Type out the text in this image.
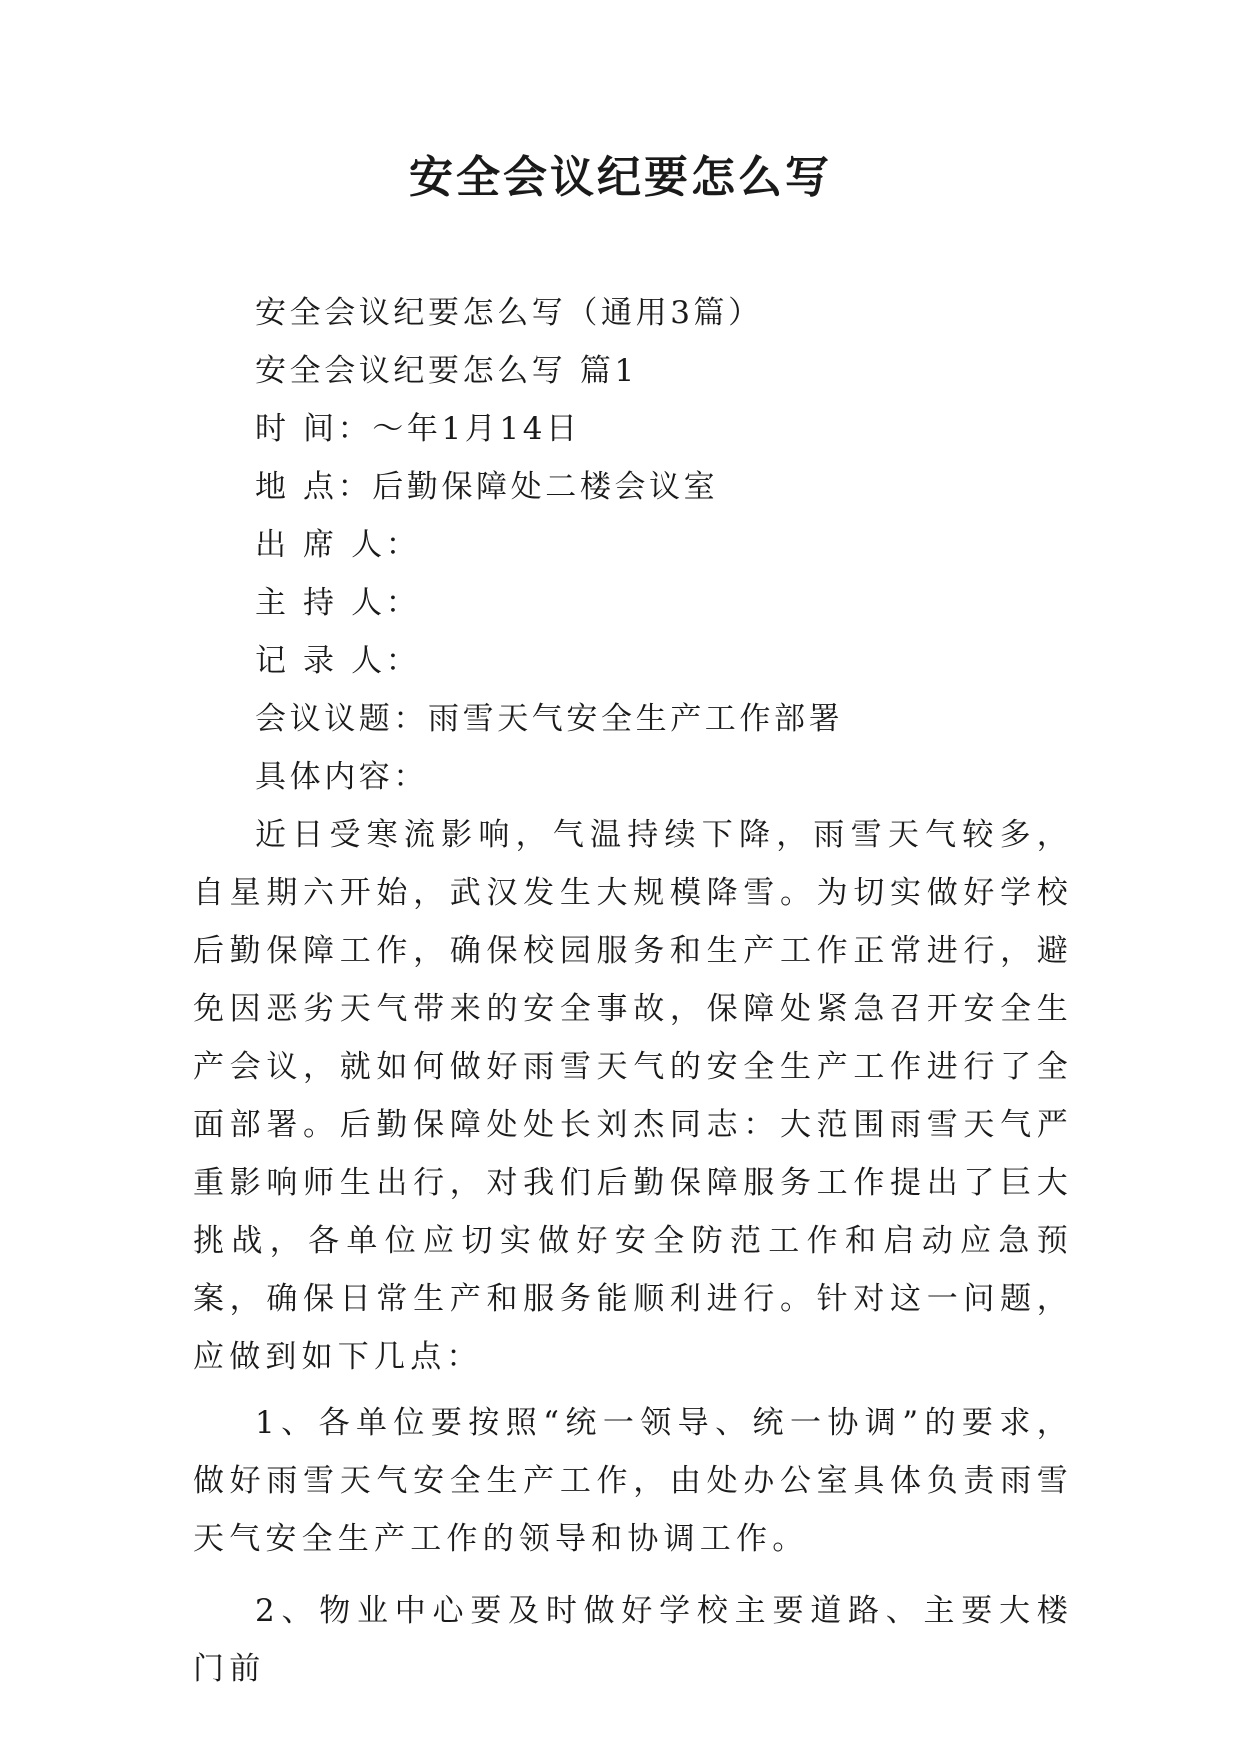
安全会议纪要怎么写

安全会议纪要怎么写（通用3篇）

安全会议纪要怎么写 篇1

时 间：～年1月14日

地 点：后勤保障处二楼会议室

出 席 人：

主 持 人：

记 录 人：

会议议题：雨雪天气安全生产工作部署

具体内容：

近日受寒流影响，气温持续下降，雨雪天气较多，自星期六开始，武汉发生大规模降雪。为切实做好学校后勤保障工作，确保校园服务和生产工作正常进行，避免因恶劣天气带来的安全事故，保障处紧急召开安全生产会议，就如何做好雨雪天气的安全生产工作进行了全面部署。后勤保障处处长刘杰同志：大范围雨雪天气严重影响师生出行，对我们后勤保障服务工作提出了巨大挑战，各单位应切实做好安全防范工作和启动应急预案，确保日常生产和服务能顺利进行。针对这一问题，应做到如下几点：

1、各单位要按照“统一领导、统一协调”的要求，做好雨雪天气安全生产工作，由处办公室具体负责雨雪天气安全生产工作的领导和协调工作。

2、物业中心要及时做好学校主要道路、主要大楼门前
